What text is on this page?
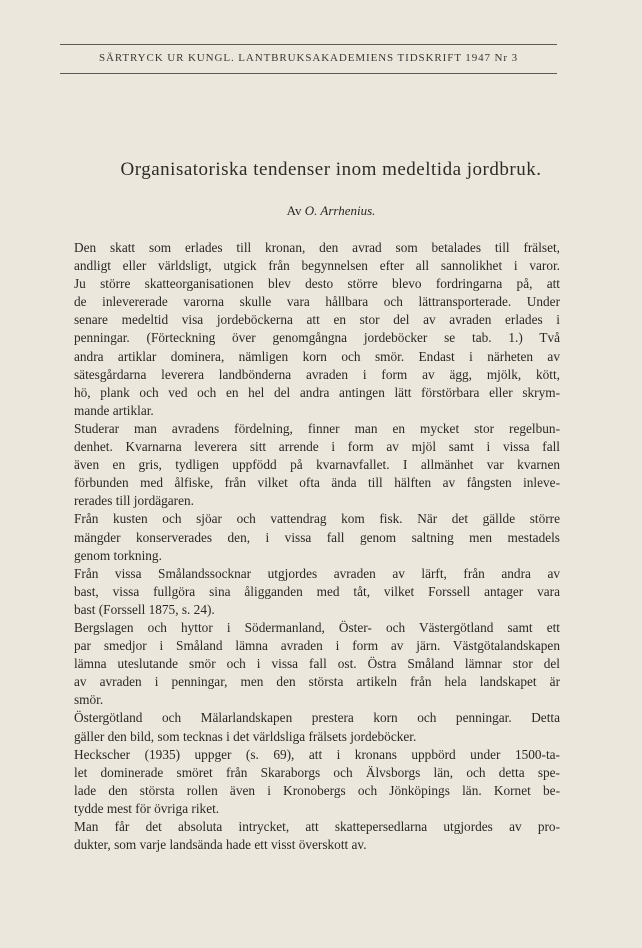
SÄRTRYCK UR KUNGL. LANTBRUKSAKADEMIENS TIDSKRIFT 1947 Nr 3
Organisatoriska tendenser inom medeltida jordbruk.
Av O. Arrhenius.
Den skatt som erlades till kronan, den avrad som betalades till frälset,
andligt eller världsligt, utgick från begynnelsen efter all sannolikhet i varor.
Ju större skatteorganisationen blev desto större blevo fordringarna på, att
de inlevererade varorna skulle vara hållbara och lättransporterade. Under
senare medeltid visa jordeböckerna att en stor del av avraden erlades i
penningar. (Förteckning över genomgångna jordeböcker se tab. 1.) Två
andra artiklar dominera, nämligen korn och smör. Endast i närheten av
sätesgårdarna leverera landbönderna avraden i form av ägg, mjölk, kött,
hö, plank och ved och en hel del andra antingen lätt förstörbara eller skrym-
mande artiklar.
Studerar man avradens fördelning, finner man en mycket stor regelbun-
denhet. Kvarnarna leverera sitt arrende i form av mjöl samt i vissa fall
även en gris, tydligen uppfödd på kvarnavfallet. I allmänhet var kvarnen
förbunden med ålfiske, från vilket ofta ända till hälften av fångsten inleve-
rerades till jordägaren.
Från kusten och sjöar och vattendrag kom fisk. När det gällde större
mängder konserverades den, i vissa fall genom saltning men mestadels
genom torkning.
Från vissa Smålandssocknar utgjordes avraden av lärft, från andra av
bast, vissa fullgöra sina åligganden med tåt, vilket Forssell antager vara
bast (Forssell 1875, s. 24).
Bergslagen och hyttor i Södermanland, Öster- och Västergötland samt ett
par smedjor i Småland lämna avraden i form av järn. Västgötalandskapen
lämna uteslutande smör och i vissa fall ost. Östra Småland lämnar stor del
av avraden i penningar, men den största artikeln från hela landskapet är
smör.
Östergötland och Mälarlandskapen prestera korn och penningar. Detta
gäller den bild, som tecknas i det världsliga frälsets jordeböcker.
Heckscher (1935) uppger (s. 69), att i kronans uppbörd under 1500-ta-
let dominerade smöret från Skaraborgs och Älvsborgs län, och detta spe-
lade den största rollen även i Kronobergs och Jönköpings län. Kornet be-
tydde mest för övriga riket.
Man får det absoluta intrycket, att skattepersedlarna utgjordes av pro-
dukter, som varje landsända hade ett visst överskott av.
